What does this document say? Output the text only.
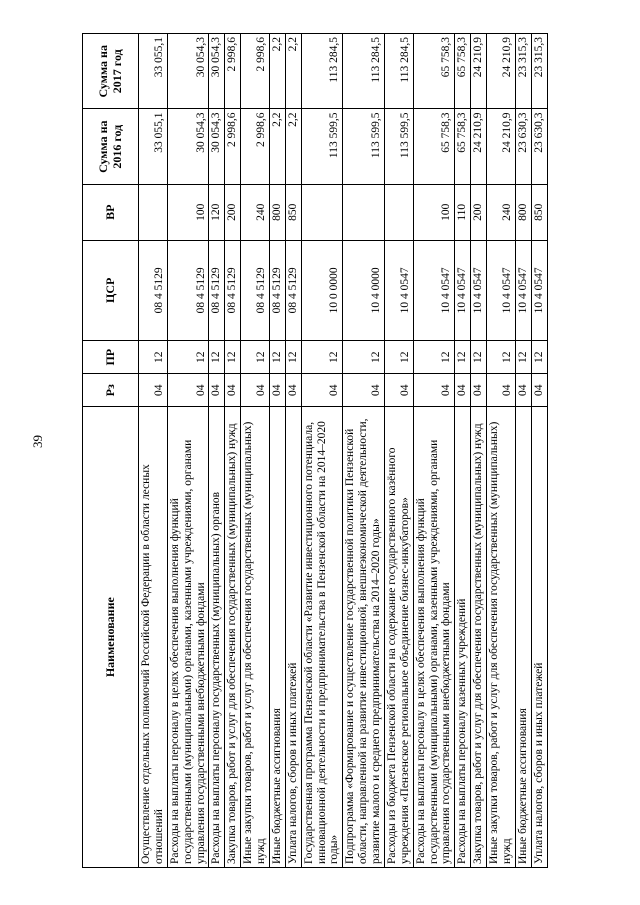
39
Наименование	Рз	ПР	ЦСР	ВР	Сумма на 2016 год	Сумма на 2017 год
Осуществление отдельных полномочий Российской Федерации в области лесных отношений	04	12	08 4 5129		33 055,1	33 055,1
Расходы на выплаты персоналу в целях обеспечения выполнения функций государственными (муниципальными) органами, казенными учреждениями, органами управления государственными внебюджетными фондами	04	12	08 4 5129	100	30 054,3	30 054,3
Расходы на выплаты персоналу государственных (муниципальных) органов	04	12	08 4 5129	120	30 054,3	30 054,3
Закупка товаров, работ и услуг для обеспечения государственных (муниципальных) нужд	04	12	08 4 5129	200	2 998,6	2 998,6
Иные закупки товаров, работ и услуг для обеспечения государственных (муниципальных) нужд	04	12	08 4 5129	240	2 998,6	2 998,6
Иные бюджетные ассигнования	04	12	08 4 5129	800	2,2	2,2
Уплата налогов, сборов и иных платежей	04	12	08 4 5129	850	2,2	2,2
Государственная программа Пензенской области «Развитие инвестиционного потенциала, инновационной деятельности и предпринимательства в Пензенской области на 2014–2020 годы»	04	12	10 0 0000		113 599,5	113 284,5
Подпрограмма «Формирование и осуществление государственной политики Пензенской области, направленной на развитие инвестиционной, внешнеэкономической деятельности, развитие малого и среднего предпринимательства на 2014–2020 годы»	04	12	10 4 0000		113 599,5	113 284,5
Расходы из бюджета Пензенской области на содержание государственного казённого учреждения «Пензенское региональное объединение бизнес-инкубаторов»	04	12	10 4 0547		113 599,5	113 284,5
Расходы на выплаты персоналу в целях обеспечения выполнения функций государственными (муниципальными) органами, казенными учреждениями, органами управления государственными внебюджетными фондами	04	12	10 4 0547	100	65 758,3	65 758,3
Расходы на выплаты персоналу казенных учреждений	04	12	10 4 0547	110	65 758,3	65 758,3
Закупка товаров, работ и услуг для обеспечения государственных (муниципальных) нужд	04	12	10 4 0547	200	24 210,9	24 210,9
Иные закупки товаров, работ и услуг для обеспечения государственных (муниципальных) нужд	04	12	10 4 0547	240	24 210,9	24 210,9
Иные бюджетные ассигнования	04	12	10 4 0547	800	23 630,3	23 315,3
Уплата налогов, сборов и иных платежей	04	12	10 4 0547	850	23 630,3	23 315,3
